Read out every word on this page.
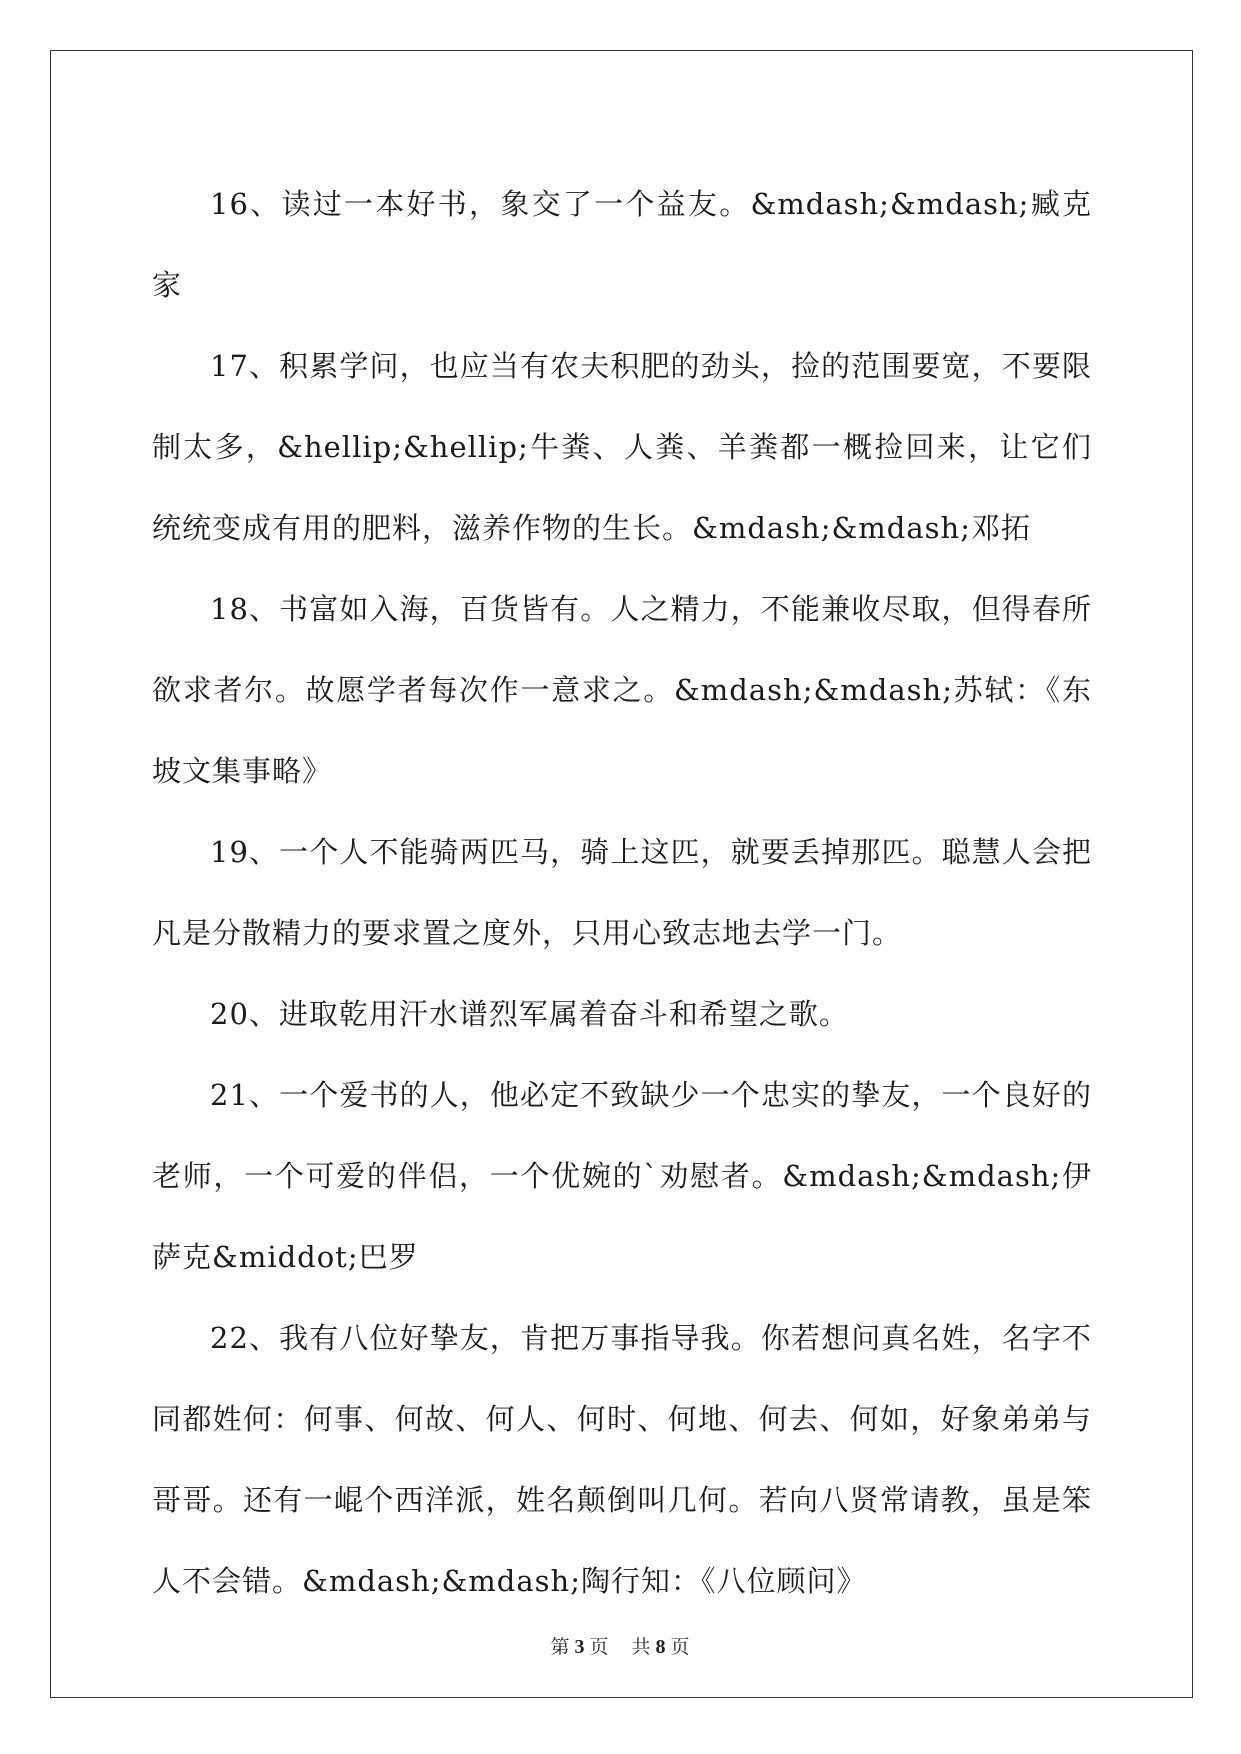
16、读过一本好书，象交了一个益友。&mdash;&mdash;臧克家

17、积累学问，也应当有农夫积肥的劲头，捡的范围要宽，不要限制太多，&hellip;&hellip;牛粪、人粪、羊粪都一概捡回来，让它们统统变成有用的肥料，滋养作物的生长。&mdash;&mdash;邓拓

18、书富如入海，百货皆有。人之精力，不能兼收尽取，但得春所欲求者尔。故愿学者每次作一意求之。&mdash;&mdash;苏轼：《东坡文集事略》

19、一个人不能骑两匹马，骑上这匹，就要丢掉那匹。聪慧人会把凡是分散精力的要求置之度外，只用心致志地去学一门。

20、进取乾用汗水谱烈军属着奋斗和希望之歌。

21、一个爱书的人，他必定不致缺少一个忠实的挚友，一个良好的老师，一个可爱的伴侣，一个优婉的`劝慰者。&mdash;&mdash;伊萨克&middot;巴罗

22、我有八位好挚友，肯把万事指导我。你若想问真名姓，名字不同都姓何：何事、何故、何人、何时、何地、何去、何如，好象弟弟与哥哥。还有一崐个西洋派，姓名颠倒叫几何。若向八贤常请教，虽是笨人不会错。&mdash;&mdash;陶行知：《八位顾问》

第 3 页 共 8 页
